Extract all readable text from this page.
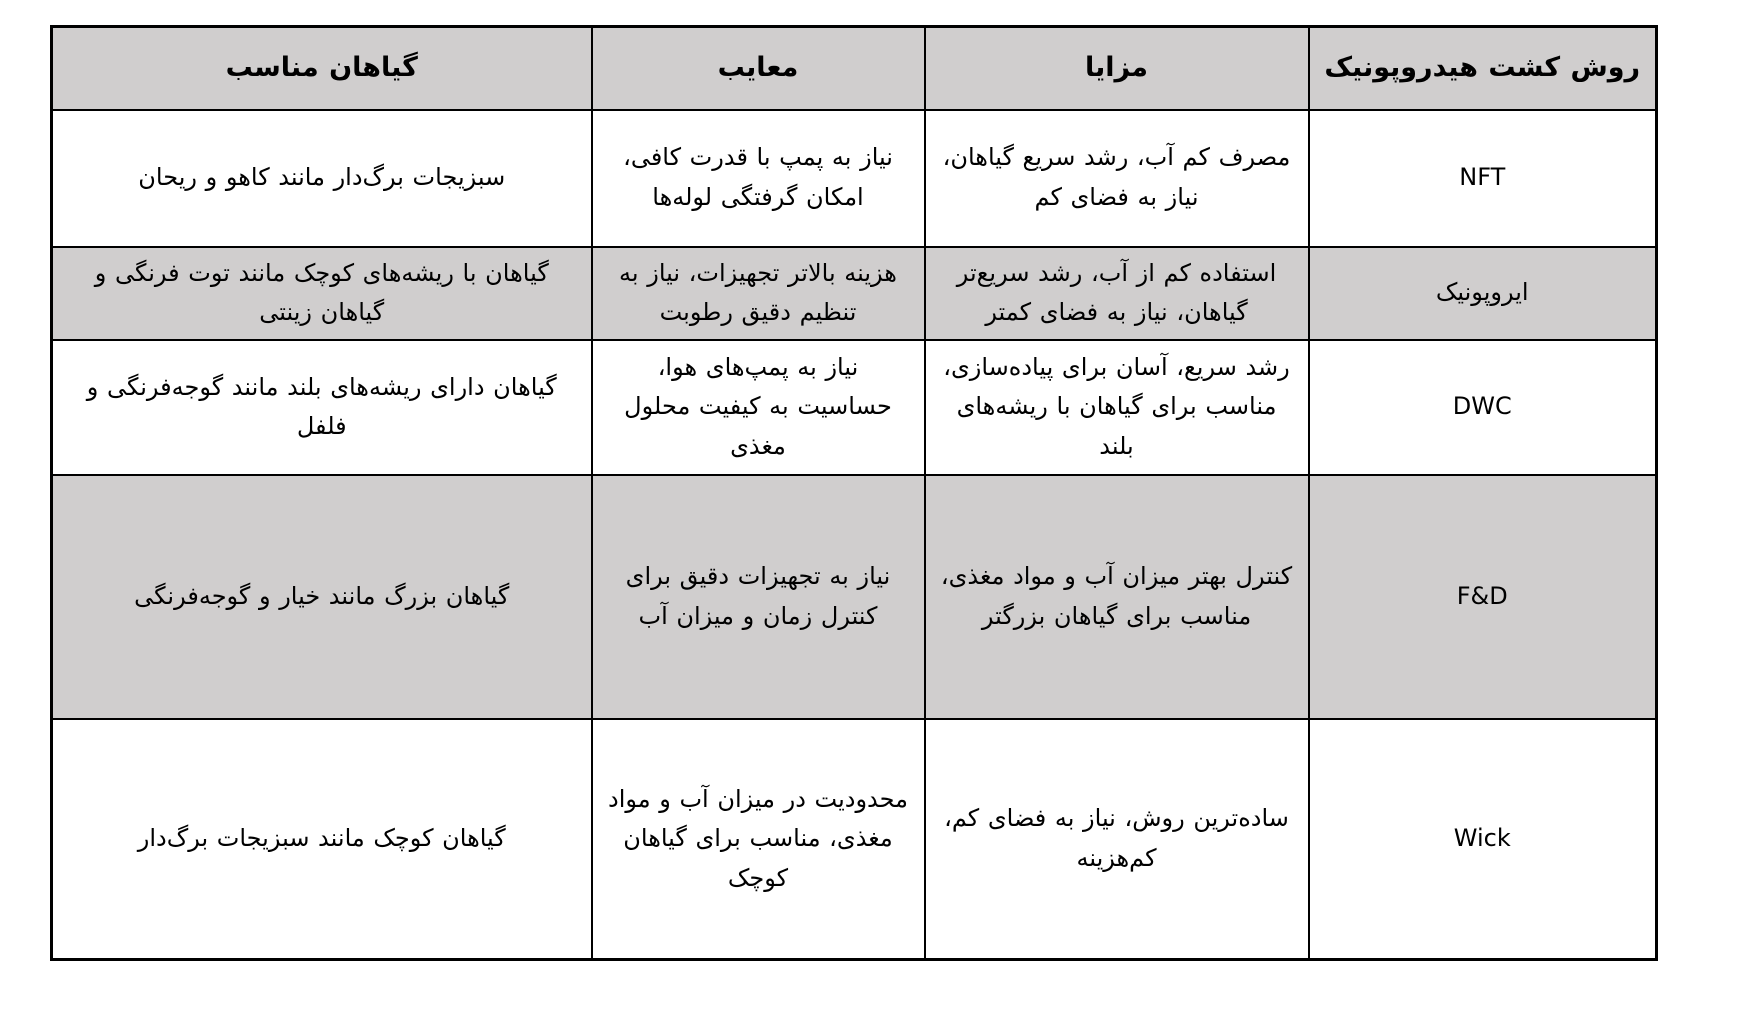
روش کشت هیدروپونیک	مزایا	معایب	گیاهان مناسب
NFT	مصرف کم آب، رشد سریع گیاهان، نیاز به فضای کم	نیاز به پمپ با قدرت کافی، امکان گرفتگی لوله‌ها	سبزیجات برگ‌دار مانند کاهو و ریحان
ایروپونیک	استفاده کم از آب، رشد سریع‌تر گیاهان، نیاز به فضای کمتر	هزینه بالاتر تجهیزات، نیاز به تنظیم دقیق رطوبت	گیاهان با ریشه‌های کوچک مانند توت فرنگی و گیاهان زینتی
DWC	رشد سریع، آسان برای پیاده‌سازی، مناسب برای گیاهان با ریشه‌های بلند	نیاز به پمپ‌های هوا، حساسیت به کیفیت محلول مغذی	گیاهان دارای ریشه‌های بلند مانند گوجه‌فرنگی و فلفل
F&D	کنترل بهتر میزان آب و مواد مغذی، مناسب برای گیاهان بزرگتر	نیاز به تجهیزات دقیق برای کنترل زمان و میزان آب	گیاهان بزرگ مانند خیار و گوجه‌فرنگی
Wick	ساده‌ترین روش، نیاز به فضای کم، کم‌هزینه	محدودیت در میزان آب و مواد مغذی، مناسب برای گیاهان کوچک	گیاهان کوچک مانند سبزیجات برگ‌دار
